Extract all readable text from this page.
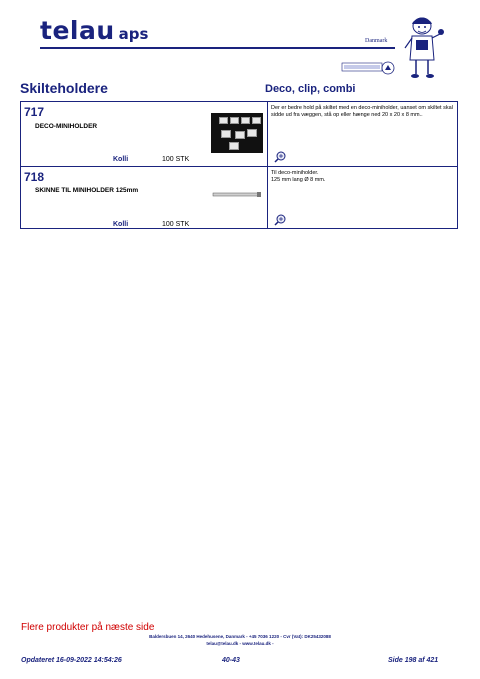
telau aps	Danmark
Skilteholdere	Deco, clip, combi
717
DECO-MINIHOLDER
Kolli	100 STK
Der er bedre hold på skiltet med en deco-miniholder, uanset om skiltet skal sidde ud fra væggen, stå op eller hænge ned 20 x 20 x 8 mm..
718
SKINNE TIL MINIHOLDER 125mm
Kolli	100 STK
Til deco-miniholder.
125 mm lang Ø 8 mm.
Flere produkter på næste side
Baldersbuen 14, 2640 Hedehusene, Danmark - +45 7036 1220 - Cvr (Vat): DK25432088
telau@telau.dk - www.telau.dk -
Opdateret 16-09-2022 14:54:26	40-43	Side 198 af 421
